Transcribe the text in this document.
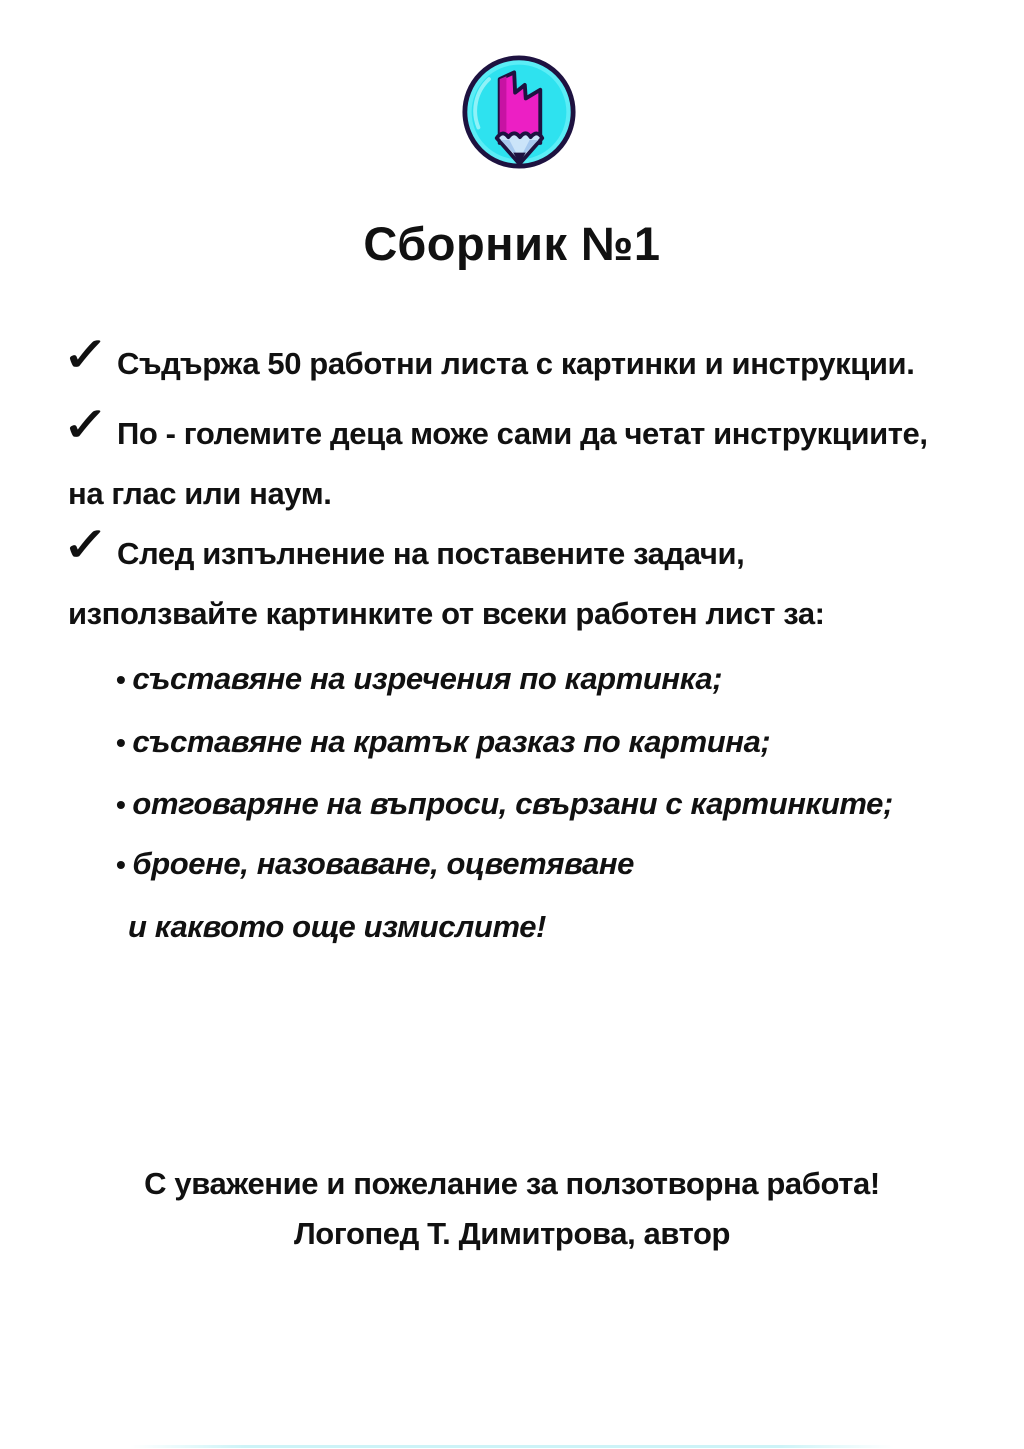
Сборник №1
✓ Съдържа 50 работни листа с картинки и инструкции.
✓ По - големите деца може сами да четат инструкциите,
на глас или наум.
✓ След изпълнение на поставените задачи,
използвайте картинките от всеки работен лист за:
• съставяне на изречения по картинка;
• съставяне на кратък разказ по картина;
• отговаряне на въпроси, свързани с картинките;
• броене, назоваване, оцветяване
и каквото още измислите!
С уважение и пожелание за ползотворна работа!
Логопед Т. Димитрова, автор
